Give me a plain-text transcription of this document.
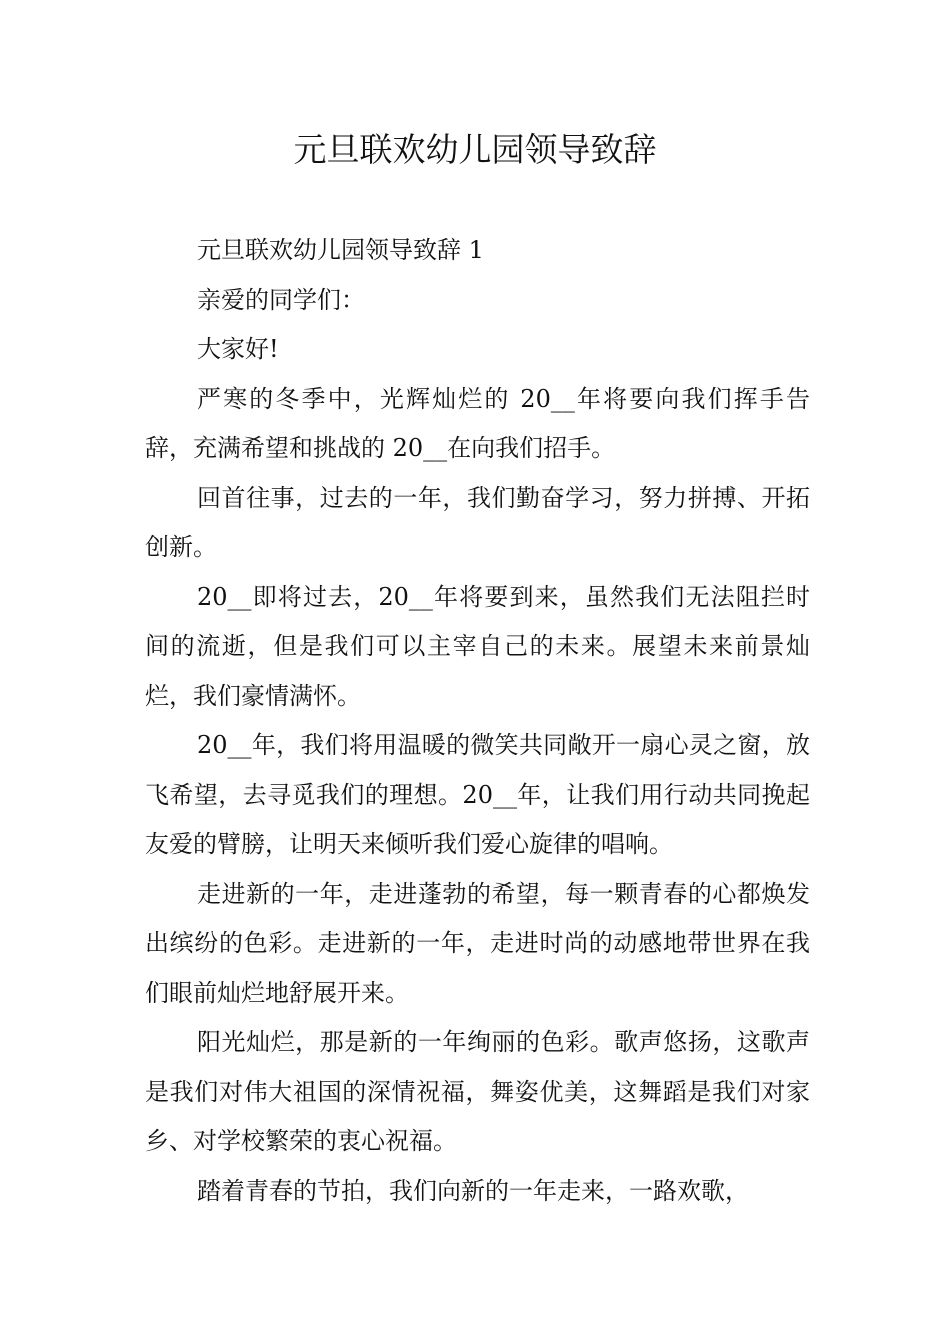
元旦联欢幼儿园领导致辞

元旦联欢幼儿园领导致辞 1

亲爱的同学们：

大家好!

严寒的冬季中，光辉灿烂的 20__年将要向我们挥手告辞，充满希望和挑战的 20__在向我们招手。

回首往事，过去的一年，我们勤奋学习，努力拼搏、开拓创新。

20__即将过去，20__年将要到来，虽然我们无法阻拦时间的流逝，但是我们可以主宰自己的未来。展望未来前景灿烂，我们豪情满怀。

20__年，我们将用温暖的微笑共同敞开一扇心灵之窗，放飞希望，去寻觅我们的理想。20__年，让我们用行动共同挽起友爱的臂膀，让明天来倾听我们爱心旋律的唱响。

走进新的一年，走进蓬勃的希望，每一颗青春的心都焕发出缤纷的色彩。走进新的一年，走进时尚的动感地带世界在我们眼前灿烂地舒展开来。

阳光灿烂，那是新的一年绚丽的色彩。歌声悠扬，这歌声是我们对伟大祖国的深情祝福，舞姿优美，这舞蹈是我们对家乡、对学校繁荣的衷心祝福。

踏着青春的节拍，我们向新的一年走来，一路欢歌，
